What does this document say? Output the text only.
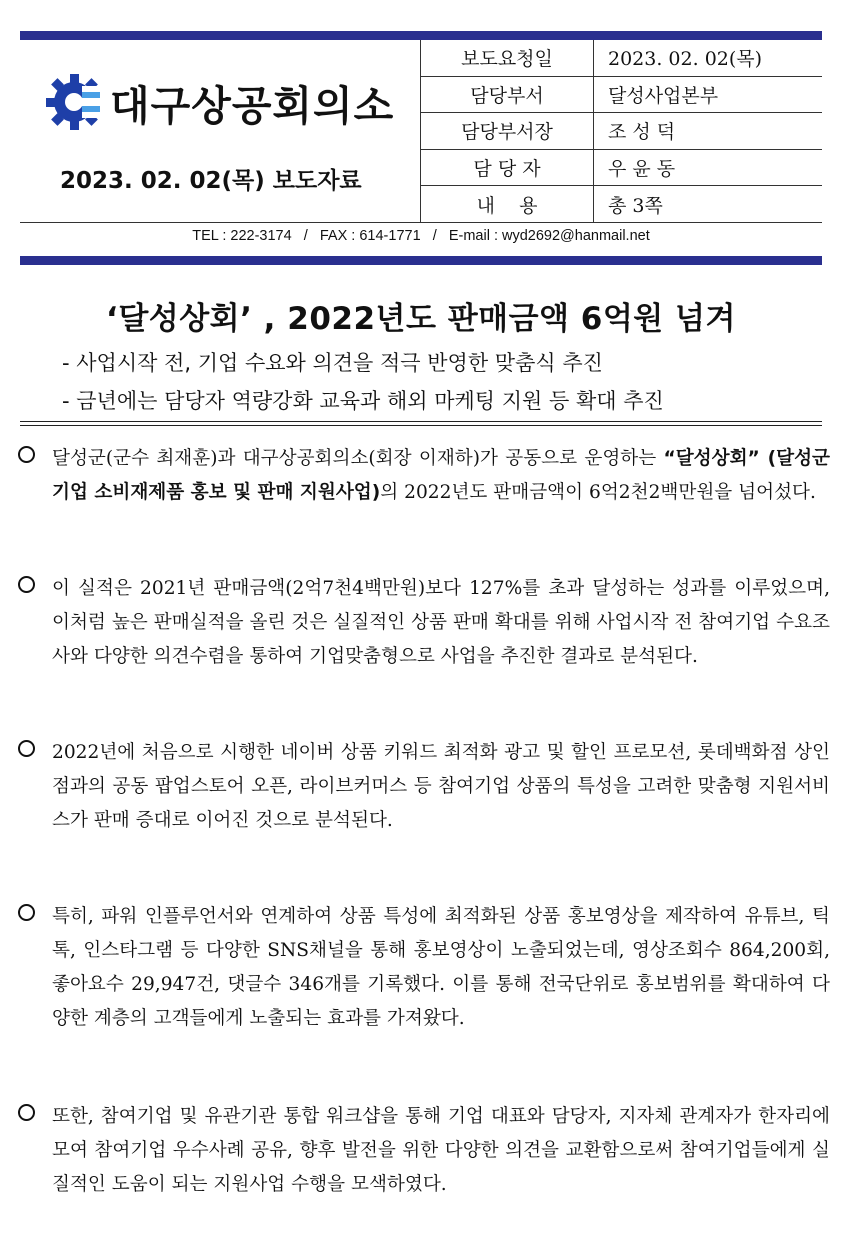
대구상공회의소
2023. 02. 02(목) 보도자료
보도요청일	2023. 02. 02(목)
담당부서	달성사업본부
담당부서장	조 성 덕
담 당 자	우 윤 동
내    용	총 3쪽
TEL : 222-3174   /   FAX : 614-1771   /   E-mail : wyd2692@hanmail.net
‘달성상회’ , 2022년도 판매금액 6억원 넘겨
- 사업시작 전, 기업 수요와 의견을 적극 반영한 맞춤식 추진
- 금년에는 담당자 역량강화 교육과 해외 마케팅 지원 등 확대 추진
달성군(군수 최재훈)과 대구상공회의소(회장 이재하)가 공동으로 운영하는 “달성상회” (달성군 기업 소비재제품 홍보 및 판매 지원사업)의 2022년도 판매금액이 6억2천2백만원을 넘어섰다.
이 실적은 2021년 판매금액(2억7천4백만원)보다 127%를 초과 달성하는 성과를 이루었으며, 이처럼 높은 판매실적을 올린 것은 실질적인 상품 판매 확대를 위해 사업시작 전 참여기업 수요조사와 다양한 의견수렴을 통하여 기업맞춤형으로 사업을 추진한 결과로 분석된다.
2022년에 처음으로 시행한 네이버 상품 키워드 최적화 광고 및 할인 프로모션, 롯데백화점 상인점과의 공동 팝업스토어 오픈, 라이브커머스 등 참여기업 상품의 특성을 고려한 맞춤형 지원서비스가 판매 증대로 이어진 것으로 분석된다.
특히, 파워 인플루언서와 연계하여 상품 특성에 최적화된 상품 홍보영상을 제작하여 유튜브, 틱톡, 인스타그램 등 다양한 SNS채널을 통해 홍보영상이 노출되었는데, 영상조회수 864,200회, 좋아요수 29,947건, 댓글수 346개를 기록했다. 이를 통해 전국단위로 홍보범위를 확대하여 다양한 계층의 고객들에게 노출되는 효과를 가져왔다.
또한, 참여기업 및 유관기관 통합 워크샵을 통해 기업 대표와 담당자, 지자체 관계자가 한자리에 모여 참여기업 우수사례 공유, 향후 발전을 위한 다양한 의견을 교환함으로써 참여기업들에게 실질적인 도움이 되는 지원사업 수행을 모색하였다.
